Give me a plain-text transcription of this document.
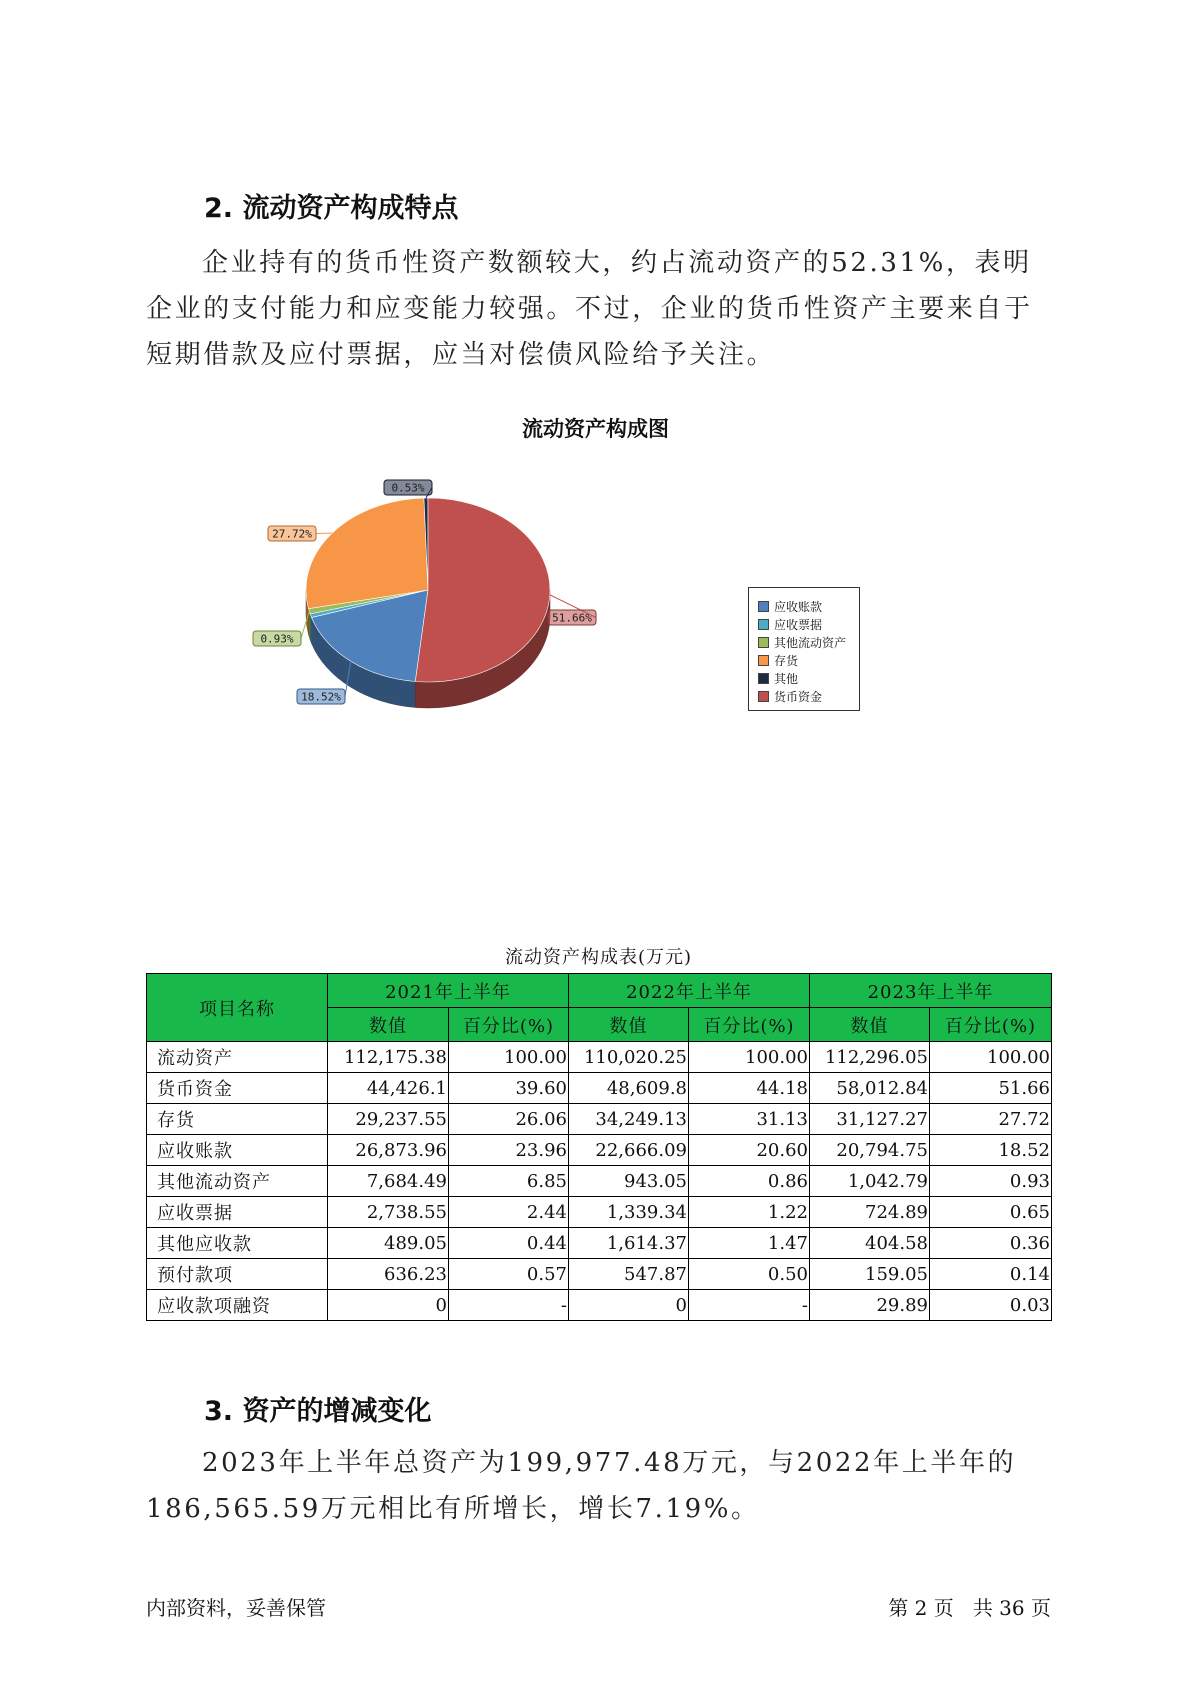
2. 流动资产构成特点

企业持有的货币性资产数额较大，约占流动资产的52.31%，表明企业的支付能力和应变能力较强。不过，企业的货币性资产主要来自于短期借款及应付票据，应当对偿债风险给予关注。

流动资产构成图
18.52%
0.93%
27.72%
0.53%
51.66%
应收账款
应收票据
其他流动资产
存货
其他
货币资金
流动资产构成表(万元)
项目名称	2021年上半年		2022年上半年		2023年上半年	
	数值	百分比(%)	数值	百分比(%)	数值	百分比(%)
流动资产	112,175.38	100.00	110,020.25	100.00	112,296.05	100.00
货币资金	44,426.1	39.60	48,609.8	44.18	58,012.84	51.66
存货	29,237.55	26.06	34,249.13	31.13	31,127.27	27.72
应收账款	26,873.96	23.96	22,666.09	20.60	20,794.75	18.52
其他流动资产	7,684.49	6.85	943.05	0.86	1,042.79	0.93
应收票据	2,738.55	2.44	1,339.34	1.22	724.89	0.65
其他应收款	489.05	0.44	1,614.37	1.47	404.58	0.36
预付款项	636.23	0.57	547.87	0.50	159.05	0.14
应收款项融资	0	-	0	-	29.89	0.03
3. 资产的增减变化

2023年上半年总资产为199,977.48万元，与2022年上半年的186,565.59万元相比有所增长，增长7.19%。

内部资料，妥善保管	第 2 页   共 36 页
